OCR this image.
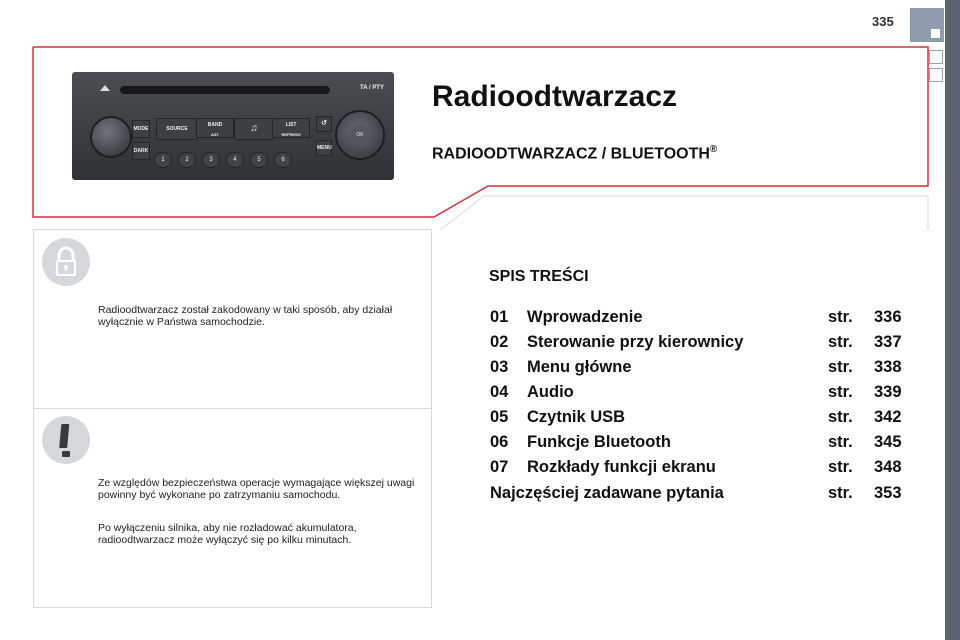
335
TA / PTY
MODE
DARK
SOURCE
BAND
AST
♫	LIST
REFRESH
↺
MENU
OK
1	2	3	4	5	6
Radioodtwarzacz
RADIOODTWARZACZ / BLUETOOTH®

Radioodtwarzacz został zakodowany w taki sposób, aby działał wyłącznie w Państwa samochodzie.

Ze względów bezpieczeństwa operacje wymagające większej uwagi powinny być wykonane po zatrzymaniu samochodu.

Po wyłączeniu silnika, aby nie rozładować akumulatora, radioodtwarzacz może wyłączyć się po kilku minutach.

SPIS TREŚCI
01 Wprowadzenie	str. 336
02 Sterowanie przy kierownicy	str. 337
03 Menu główne	str. 338
04 Audio	str. 339
05 Czytnik USB	str. 342
06 Funkcje Bluetooth	str. 345
07 Rozkłady funkcji ekranu	str. 348
Najczęściej zadawane pytania	str. 353
